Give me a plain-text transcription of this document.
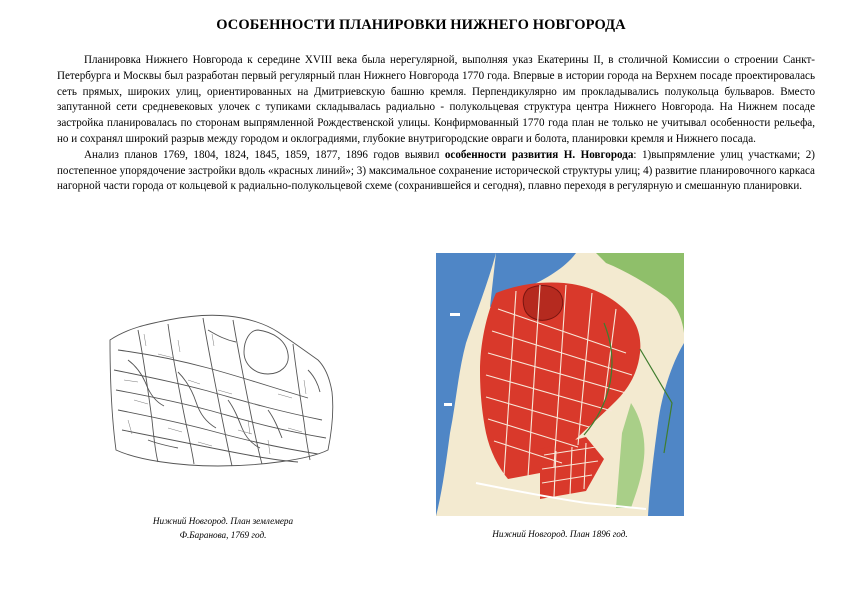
ОСОБЕННОСТИ ПЛАНИРОВКИ НИЖНЕГО НОВГОРОДА

Планировка Нижнего Новгорода к середине XVIII века была нерегулярной, выполняя указ Екатерины II, в столичной Комиссии о строении Санкт-Петербурга и Москвы был разработан первый регулярный план Нижнего Новгорода 1770 года. Впервые в истории города на Верхнем посаде проектировалась сеть прямых, широких улиц, ориентированных на Дмитриевскую башню кремля. Перпендикулярно им прокладывались полукольца бульваров. Вместо запутанной сети средневековых улочек с тупиками складывалась радиально - полукольцевая структура центра Нижнего Новгорода. На Нижнем посаде застройка планировалась по сторонам выпрямленной Рождественской улицы. Конфирмованный 1770 года план не только не учитывал особенности рельефа, но и сохранял широкий разрыв между городом и оклоградиями, глубокие внутригородские овраги и болота, планировки кремля и Нижнего посада.

Анализ планов 1769, 1804, 1824, 1845, 1859, 1877, 1896 годов выявил особенности развития Н. Новгорода: 1)выпрямление улиц участками; 2) постепенное упорядочение застройки вдоль «красных линий»; 3) максимальное сохранение исторической структуры улиц; 4) развитие планировочного каркаса нагорной части города от кольцевой к радиально-полукольцевой схеме (сохранившейся и сегодня), плавно переходя в регулярную и смешанную планировки.

Нижний Новгород. План землемера
Ф.Баранова, 1769 год.	Нижний Новгород. План 1896 год.
